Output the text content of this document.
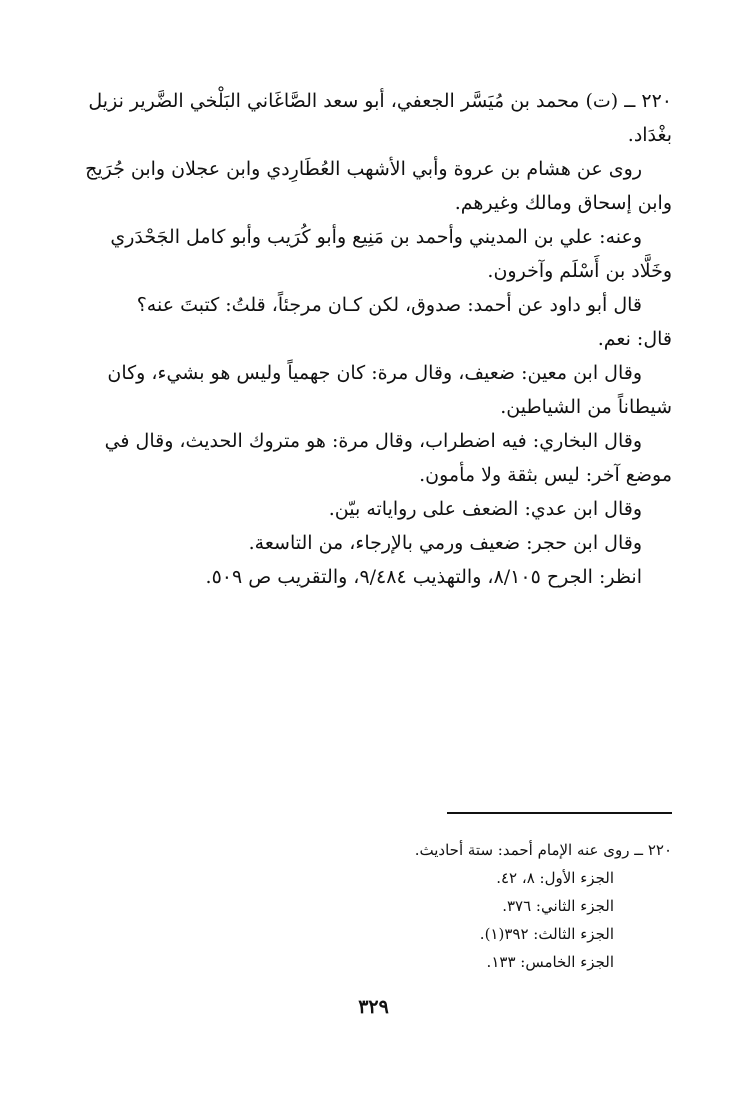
٢٢٠ ــ (ت) محمد بن مُيَسَّر الجعفي، أبو سعد الصَّاغَاني البَلْخي الضَّرير نزيل
بغْدَاد.
روى عن هشام بن عروة وأبي الأشهب العُطَارِدي وابن عجلان وابن جُرَيج
وابن إسحاق ومالك وغيرهم.
وعنه: علي بن المديني وأحمد بن مَنِيع وأبو كُرَيب وأبو كامل الجَحْدَري
وخَلَّاد بن أَسْلَم وآخرون.
قال أبو داود عن أحمد: صدوق، لكن كـان مرجئاً، قلتُ: كتبتَ عنه؟
قال: نعم.
وقال ابن معين: ضعيف، وقال مرة: كان جهمياً وليس هو بشيء، وكان
شيطاناً من الشياطين.
وقال البخاري: فيه اضطراب، وقال مرة: هو متروك الحديث، وقال في
موضع آخر: ليس بثقة ولا مأمون.
وقال ابن عدي: الضعف على رواياته بيّن.
وقال ابن حجر: ضعيف ورمي بالإرجاء، من التاسعة.
انظر: الجرح ٨/١٠٥، والتهذيب ٩/٤٨٤، والتقريب ص ٥٠٩.
٢٢٠ ــ روى عنه الإمام أحمد: ستة أحاديث.
الجزء الأول: ٨، ٤٢.
الجزء الثاني: ٣٧٦.
الجزء الثالث: ٣٩٢(١).
الجزء الخامس: ١٣٣.
٣٢٩
